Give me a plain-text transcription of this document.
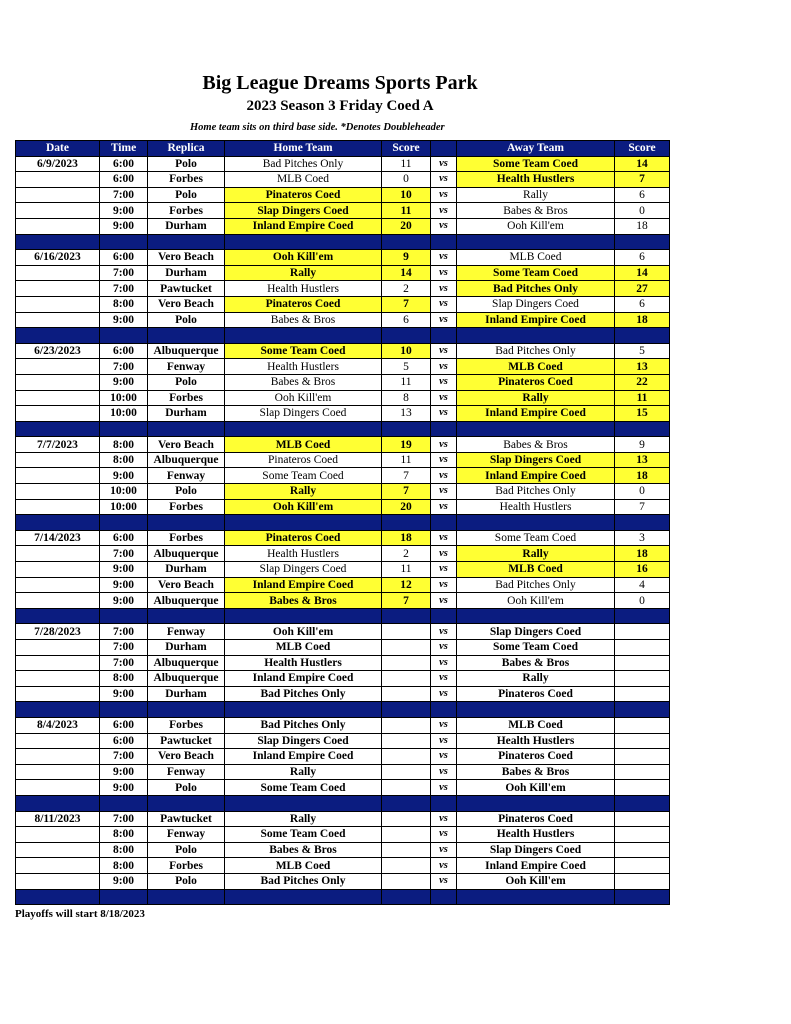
Big League Dreams Sports Park
2023 Season 3 Friday Coed A
Home team sits on third base side. *Denotes Doubleheader
Date	Time	Replica	Home Team	Score		Away Team	Score
6/9/2023	6:00	Polo	Bad Pitches Only	11	vs	Some Team Coed	14
	6:00	Forbes	MLB Coed	0	vs	Health Hustlers	7
	7:00	Polo	Pinateros Coed	10	vs	Rally	6
	9:00	Forbes	Slap Dingers Coed	11	vs	Babes & Bros	0
	9:00	Durham	Inland Empire Coed	20	vs	Ooh Kill'em	18

6/16/2023	6:00	Vero Beach	Ooh Kill'em	9	vs	MLB Coed	6
	7:00	Durham	Rally	14	vs	Some Team Coed	14
	7:00	Pawtucket	Health Hustlers	2	vs	Bad Pitches Only	27
	8:00	Vero Beach	Pinateros Coed	7	vs	Slap Dingers Coed	6
	9:00	Polo	Babes & Bros	6	vs	Inland Empire Coed	18

6/23/2023	6:00	Albuquerque	Some Team Coed	10	vs	Bad Pitches Only	5
	7:00	Fenway	Health Hustlers	5	vs	MLB Coed	13
	9:00	Polo	Babes & Bros	11	vs	Pinateros Coed	22
	10:00	Forbes	Ooh Kill'em	8	vs	Rally	11
	10:00	Durham	Slap Dingers Coed	13	vs	Inland Empire Coed	15

7/7/2023	8:00	Vero Beach	MLB Coed	19	vs	Babes & Bros	9
	8:00	Albuquerque	Pinateros Coed	11	vs	Slap Dingers Coed	13
	9:00	Fenway	Some Team Coed	7	vs	Inland Empire Coed	18
	10:00	Polo	Rally	7	vs	Bad Pitches Only	0
	10:00	Forbes	Ooh Kill'em	20	vs	Health Hustlers	7

7/14/2023	6:00	Forbes	Pinateros Coed	18	vs	Some Team Coed	3
	7:00	Albuquerque	Health Hustlers	2	vs	Rally	18
	9:00	Durham	Slap Dingers Coed	11	vs	MLB Coed	16
	9:00	Vero Beach	Inland Empire Coed	12	vs	Bad Pitches Only	4
	9:00	Albuquerque	Babes & Bros	7	vs	Ooh Kill'em	0

7/28/2023	7:00	Fenway	Ooh Kill'em		vs	Slap Dingers Coed	
	7:00	Durham	MLB Coed		vs	Some Team Coed	
	7:00	Albuquerque	Health Hustlers		vs	Babes & Bros	
	8:00	Albuquerque	Inland Empire Coed		vs	Rally	
	9:00	Durham	Bad Pitches Only		vs	Pinateros Coed	

8/4/2023	6:00	Forbes	Bad Pitches Only		vs	MLB Coed	
	6:00	Pawtucket	Slap Dingers Coed		vs	Health Hustlers	
	7:00	Vero Beach	Inland Empire Coed		vs	Pinateros Coed	
	9:00	Fenway	Rally		vs	Babes & Bros	
	9:00	Polo	Some Team Coed		vs	Ooh Kill'em	

8/11/2023	7:00	Pawtucket	Rally		vs	Pinateros Coed	
	8:00	Fenway	Some Team Coed		vs	Health Hustlers	
	8:00	Polo	Babes & Bros		vs	Slap Dingers Coed	
	8:00	Forbes	MLB Coed		vs	Inland Empire Coed	
	9:00	Polo	Bad Pitches Only		vs	Ooh Kill'em	

Playoffs will start 8/18/2023
